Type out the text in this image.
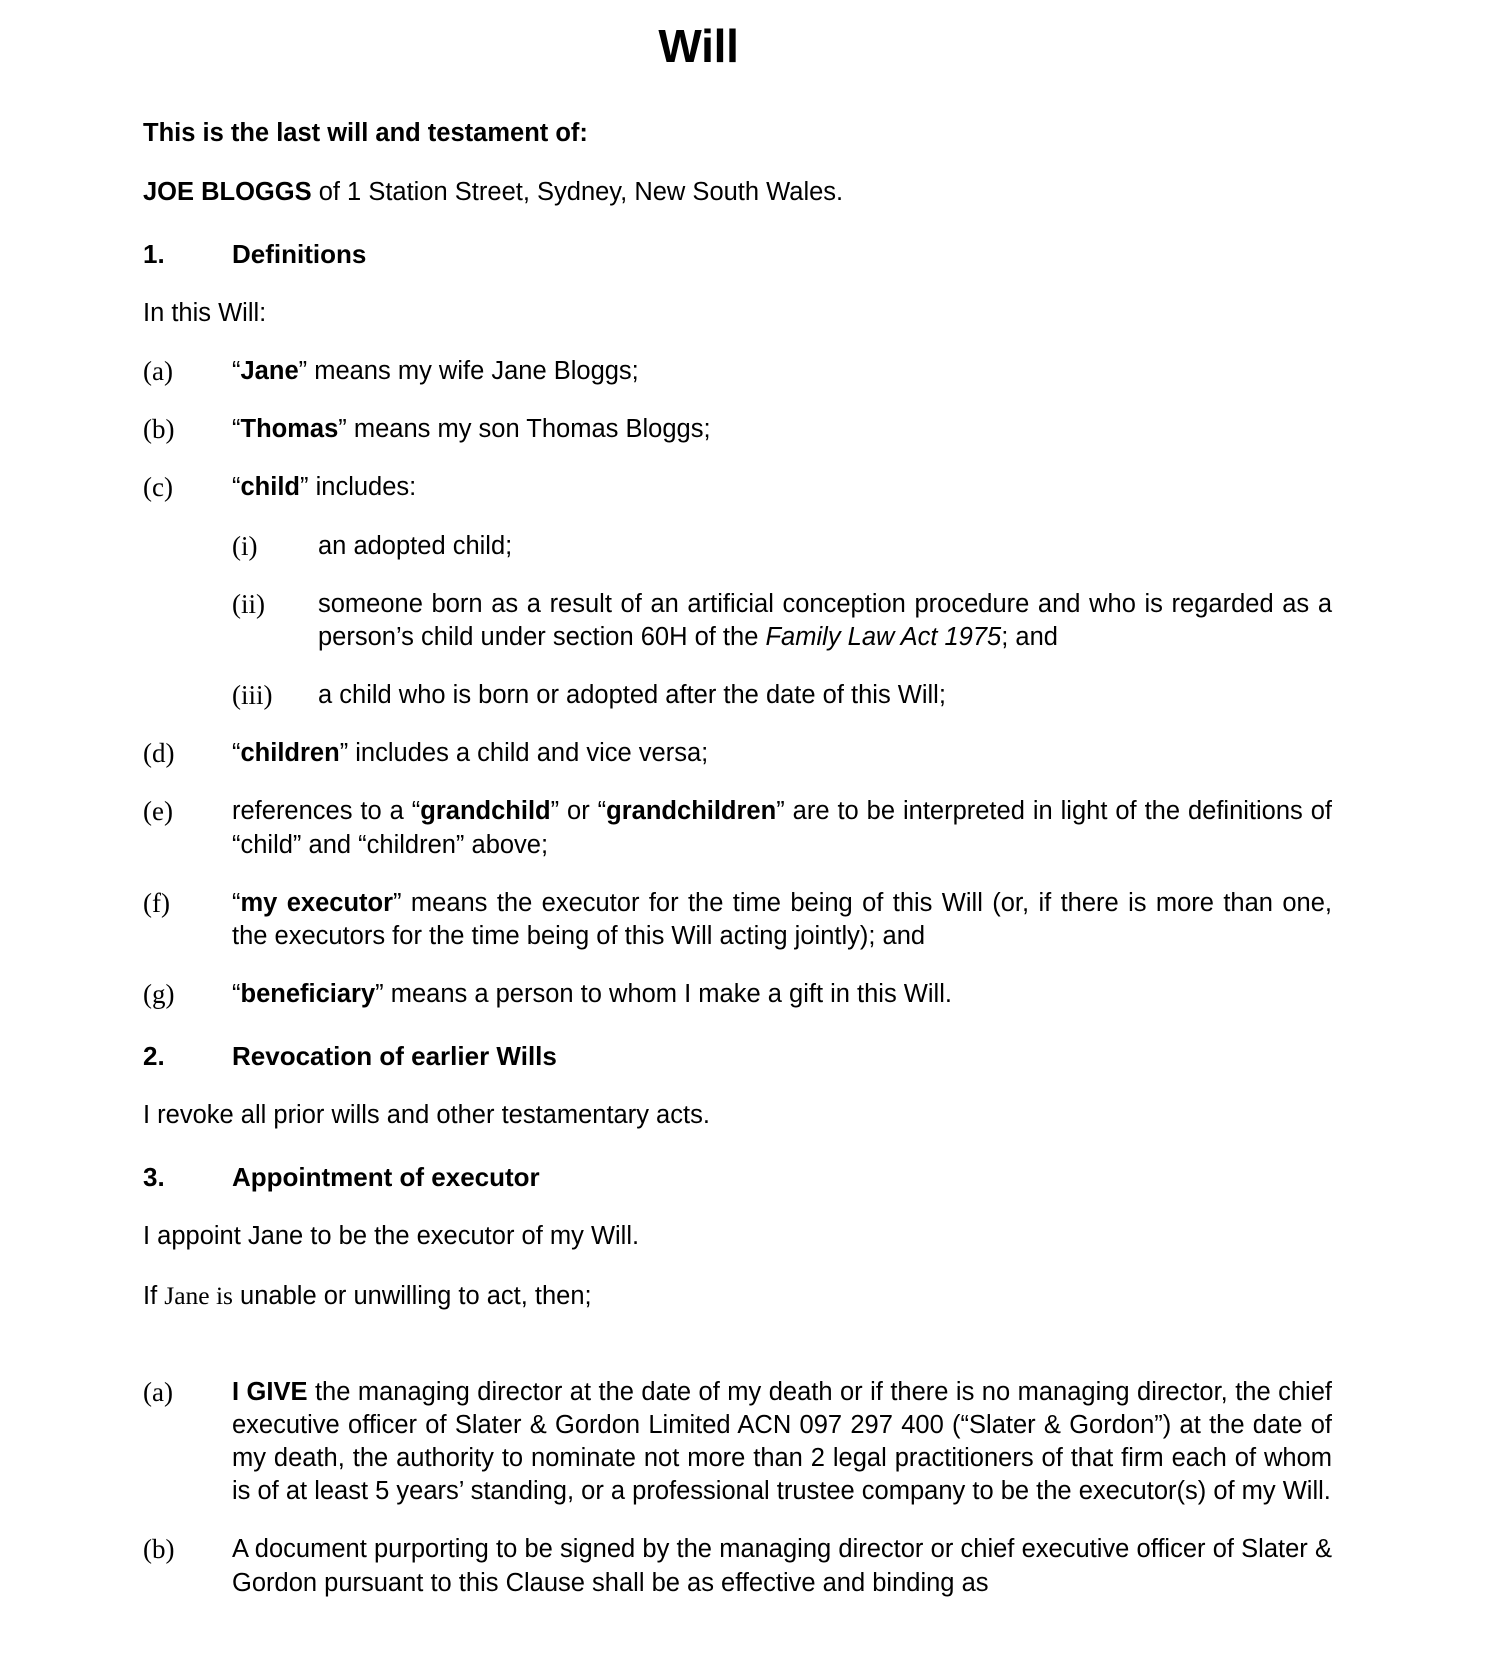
Will
This is the last will and testament of:
JOE BLOGGS of 1 Station Street, Sydney, New South Wales.
1.	Definitions
In this Will:
(a)	“Jane” means my wife Jane Bloggs;
(b)	“Thomas” means my son Thomas Bloggs;
(c)	“child” includes:
(i)	an adopted child;
(ii)	someone born as a result of an artificial conception procedure and who is regarded as a person’s child under section 60H of the Family Law Act 1975; and
(iii)	a child who is born or adopted after the date of this Will;
(d)	“children” includes a child and vice versa;
(e)	references to a “grandchild” or “grandchildren” are to be interpreted in light of the definitions of “child” and “children” above;
(f)	“my executor” means the executor for the time being of this Will (or, if there is more than one, the executors for the time being of this Will acting jointly); and
(g)	“beneficiary” means a person to whom I make a gift in this Will.
2.	Revocation of earlier Wills
I revoke all prior wills and other testamentary acts.
3.	Appointment of executor
I appoint Jane to be the executor of my Will.
If Jane is unable or unwilling to act, then;
(a)	I GIVE the managing director at the date of my death or if there is no managing director, the chief executive officer of Slater & Gordon Limited ACN 097 297 400 (“Slater & Gordon”) at the date of my death, the authority to nominate not more than 2 legal practitioners of that firm each of whom is of at least 5 years’ standing, or a professional trustee company to be the executor(s) of my Will.
(b)	A document purporting to be signed by the managing director or chief executive officer of Slater & Gordon pursuant to this Clause shall be as effective and binding as
